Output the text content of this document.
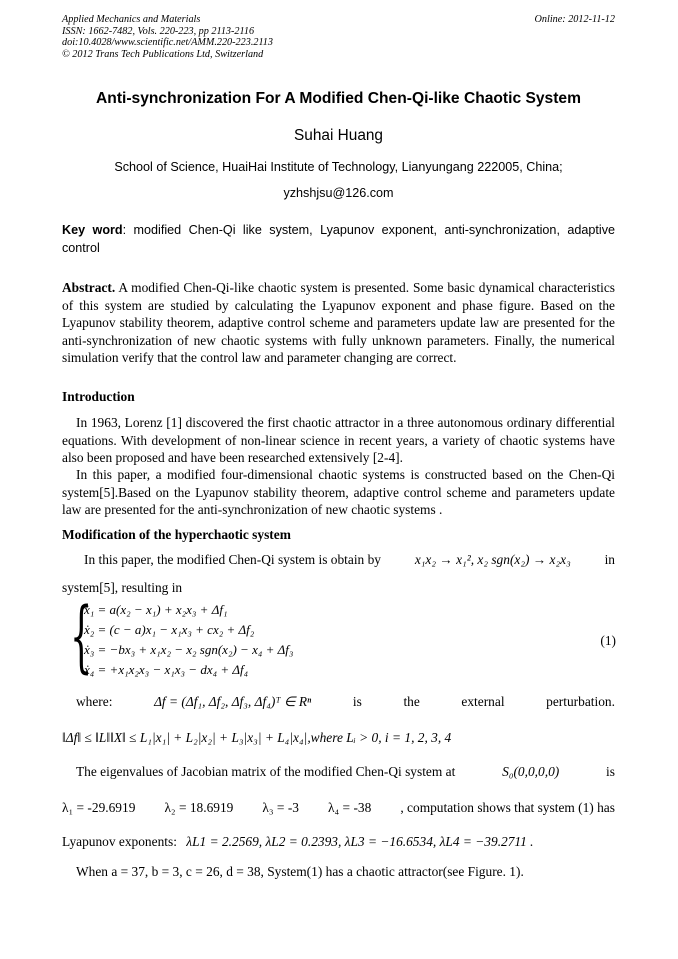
Applied Mechanics and Materials
ISSN: 1662-7482, Vols. 220-223, pp 2113-2116
doi:10.4028/www.scientific.net/AMM.220-223.2113
© 2012 Trans Tech Publications Ltd, Switzerland
Online: 2012-11-12
Anti-synchronization For A Modified Chen-Qi-like Chaotic System
Suhai Huang
School of Science, HuaiHai Institute of Technology, Lianyungang 222005, China;
yzhshjsu@126.com
Key word: modified Chen-Qi like system, Lyapunov exponent, anti-synchronization, adaptive control
Abstract. A modified Chen-Qi-like chaotic system is presented. Some basic dynamical characteristics of this system are studied by calculating the Lyapunov exponent and phase figure. Based on the Lyapunov stability theorem, adaptive control scheme and parameters update law are presented for the anti-synchronization of new chaotic systems with fully unknown parameters. Finally, the numerical simulation verify that the control law and parameter changing are correct.
Introduction
In 1963, Lorenz [1] discovered the first chaotic attractor in a three autonomous ordinary differential equations. With development of non-linear science in recent years, a variety of chaotic systems have also been proposed and have been researched extensively [2-4].
In this paper, a modified four-dimensional chaotic systems is constructed based on the Chen-Qi system[5].Based on the Lyapunov stability theorem, adaptive control scheme and parameters update law are presented for the anti-synchronization of new chaotic systems .
Modification of the hyperchaotic system
In this paper, the modified Chen-Qi system is obtain by	x₁x₂ → x₁², x₂ sgn(x₂) → x₂x₃	in
system[5], resulting in
{
ẋ₁ = a(x₂ − x₁) + x₂x₃ + Δf₁
ẋ₂ = (c − a)x₁ − x₁x₃ + cx₂ + Δf₂
ẋ₃ = −bx₃ + x₁x₂ − x₂ sgn(x₂) − x₄ + Δf₃
ẋ₄ = +x₁x₂x₃ − x₁x₃ − dx₄ + Δf₄
(1)
where:	Δf = (Δf₁, Δf₂, Δf₃, Δf₄)ᵀ ∈ Rⁿ	is	the	external	perturbation.
‖Δf‖ ≤ ‖L‖‖X‖ ≤ L₁|x₁| + L₂|x₂| + L₃|x₃| + L₄|x₄|,where Lᵢ > 0, i = 1, 2, 3, 4
The eigenvalues of Jacobian matrix of the modified Chen-Qi system at	S₀(0,0,0,0)	is
λ₁ = -29.6919 λ₂ = 18.6919 λ₃ = -3 λ₄ = -38 , computation shows that system (1) has
Lyapunov exponents: λL1 = 2.2569, λL2 = 0.2393, λL3 = −16.6534, λL4 = −39.2711 .
When a = 37, b = 3, c = 26, d = 38, System(1) has a chaotic attractor(see Figure. 1).
